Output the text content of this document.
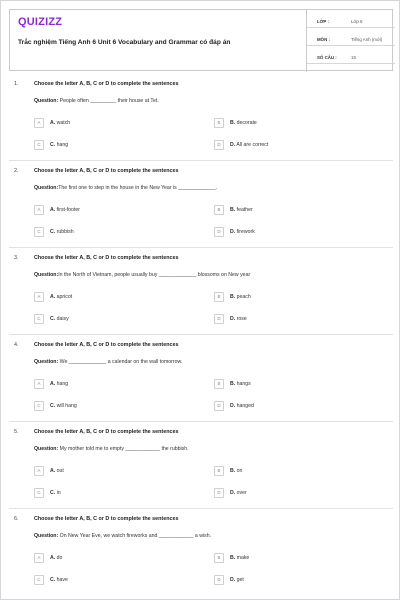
QUIZIZZ
Trắc nghiệm Tiếng Anh 6 Unit 6 Vocabulary and Grammar có đáp án
LỚP :	Lớp 6
MÔN :	Tiếng Anh (mới)
SỐ CÂU :	15
1.	Choose the letter A, B, C or D to complete the sentences
Question: People often _________ their house at Tet.
A	A. watch	B	B. decorate
C	C. hang	D	D. All are correct
2.	Choose the letter A, B, C or D to complete the sentences
Question:The first one to step in the house in the New Year is _____________.
A	A. first-footer	B	B. feather
C	C. rubbish	D	D. firework
3.	Choose the letter A, B, C or D to complete the sentences
Question:In the North of Vietnam, people usually buy _____________ blossoms on New year
A	A. apricot	B	B. peach
C	C. daisy	D	D. rose
4.	Choose the letter A, B, C or D to complete the sentences
Question: We _____________ a calendar on the wall tomorrow.
A	A. hang	B	B. hangs
C	C. will hang	D	D. hanged
5.	Choose the letter A, B, C or D to complete the sentences
Question: My mother told me to empty ____________ the rubbish.
A	A. out	B	B. on
C	C. in	D	D. over
6.	Choose the letter A, B, C or D to complete the sentences
Question: On New Year Eve, we watch fireworks and ____________ a wish.
A	A. do	B	B. make
C	C. have	D	D. get
